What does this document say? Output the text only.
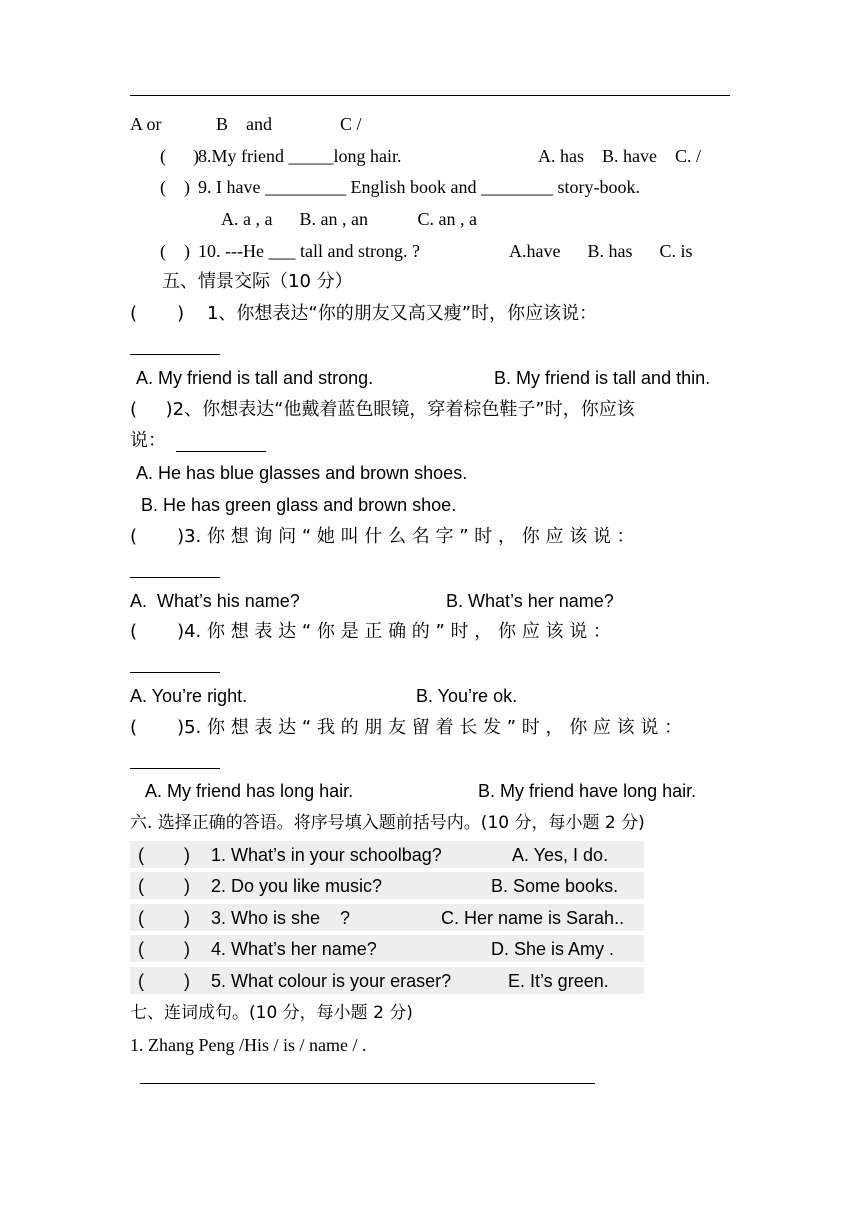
A or	B    and	C /
(      ) 8.My friend _____long hair.	A. has    B. have    C. /
(    ) 9. I have _________ English book and ________ story-book.
A. a , a      B. an , an           C. an , a
(    ) 10. ---He ___ tall and strong. ?	A.have      B. has      C. is
五、情景交际（10 分）
(       )    1、你想表达“你的朋友又高又瘦”时，你应该说：
A. My friend is tall and strong.	B. My friend is tall and thin.
(     )2、你想表达“他戴着蓝色眼镜，穿着棕色鞋子”时，你应该
说：
A. He has blue glasses and brown shoes.
B. He has green glass and brown shoe.
(       )3. 你 想 询 问 “ 她 叫 什 么 名 字 ” 时 ， 你 应 该 说 ：
A.  What’s his name?	B. What’s her name?
(       )4. 你 想 表 达 “ 你 是 正 确 的 ” 时 ， 你 应 该 说 ：
A. You’re right.	B. You’re ok.
(       )5. 你 想 表 达 “ 我 的 朋 友 留 着 长 发 ” 时 ， 你 应 该 说 ：
A. My friend has long hair.	B. My friend have long hair.
六. 选择正确的答语。将序号填入题前括号内。(10 分，每小题 2 分)
(        ) 1. What’s in your schoolbag?	A. Yes, I do.
(        ) 2. Do you like music?	B. Some books.
(        ) 3. Who is she    ?	C. Her name is Sarah..
(        ) 4. What’s her name?	D. She is Amy .
(        ) 5. What colour is your eraser?	E. It’s green.
七、连词成句。(10 分，每小题 2 分)
1. Zhang Peng /His / is / name / .
